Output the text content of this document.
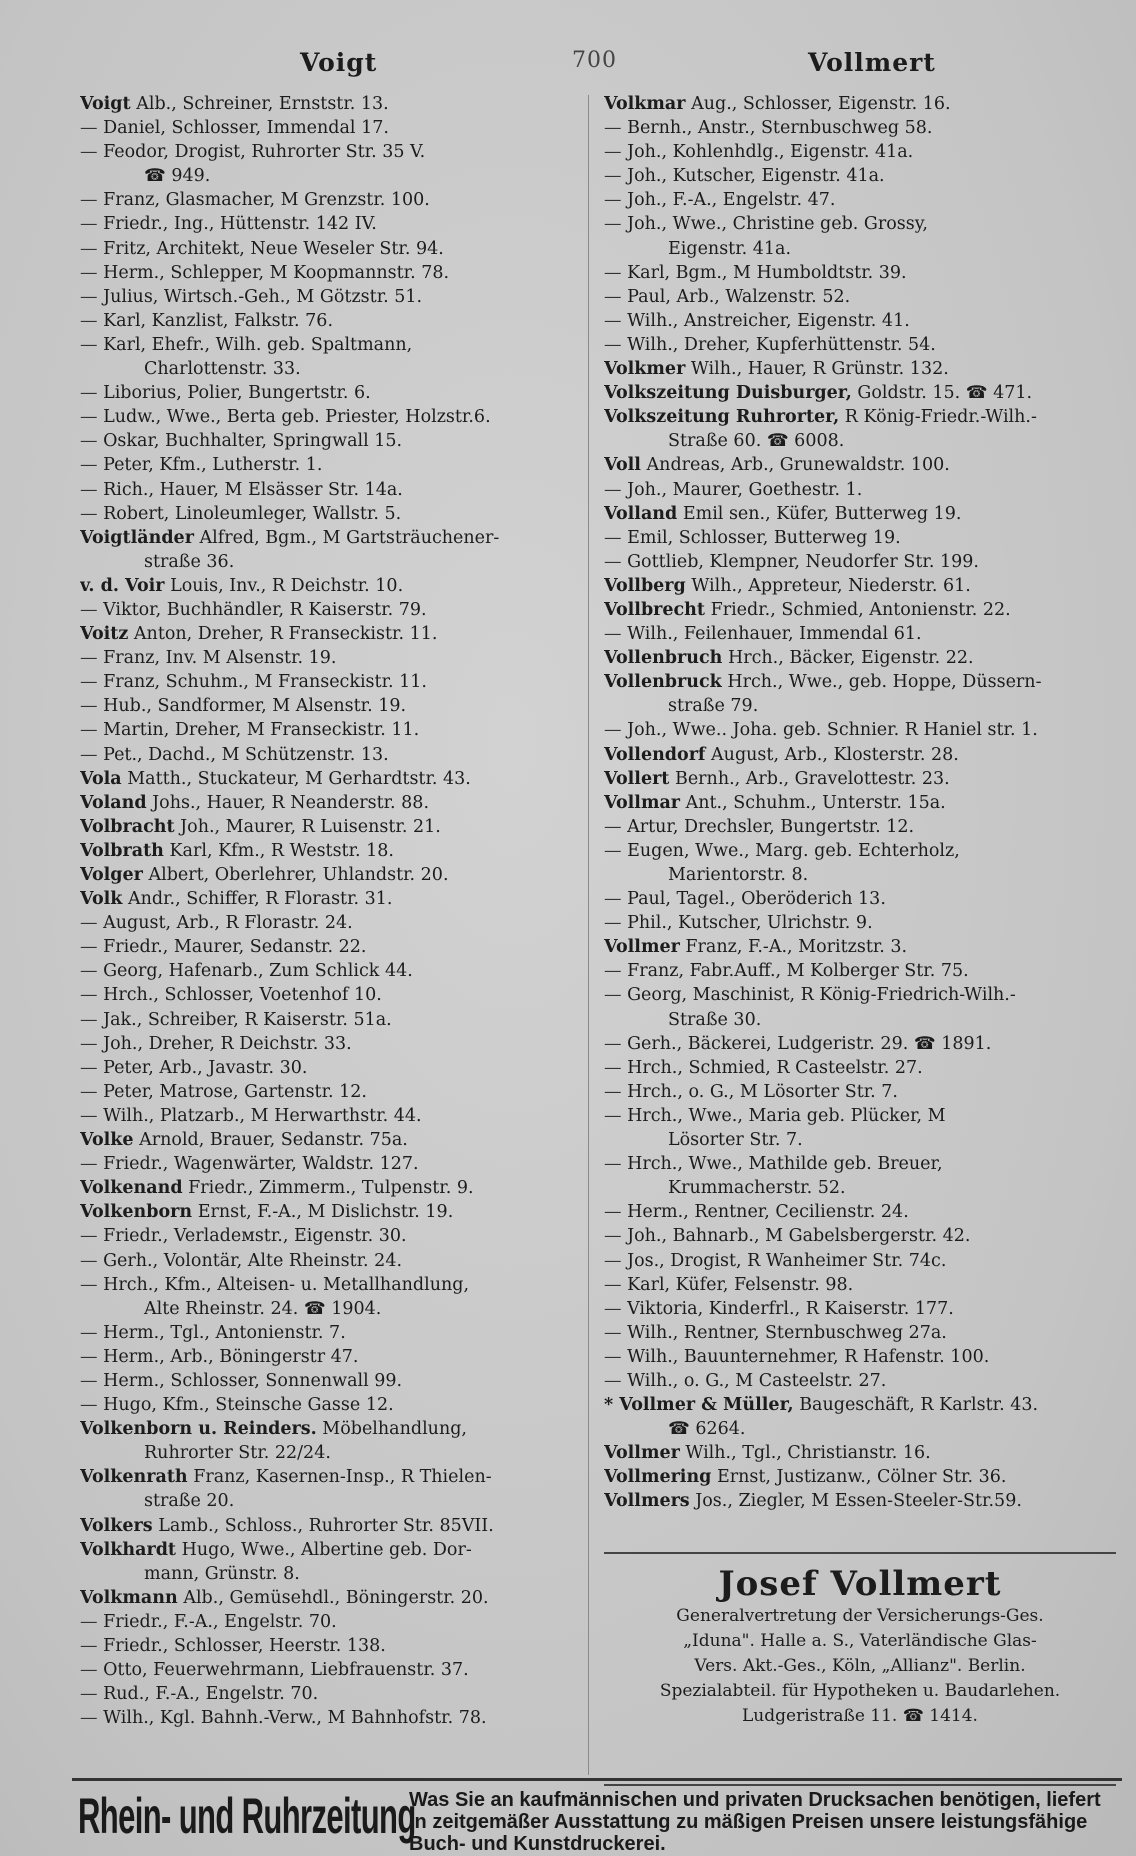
Voigt	700	Vollmert
Voigt Alb., Schreiner, Ernststr. 13.
— Daniel, Schlosser, Immendal 17.
— Feodor, Drogist, Ruhrorter Str. 35 V.
☎ 949.
— Franz, Glasmacher, M Grenzstr. 100.
— Friedr., Ing., Hüttenstr. 142 IV.
— Fritz, Architekt, Neue Weseler Str. 94.
— Herm., Schlepper, M Koopmannstr. 78.
— Julius, Wirtsch.-Geh., M Götzstr. 51.
— Karl, Kanzlist, Falkstr. 76.
— Karl, Ehefr., Wilh. geb. Spaltmann,
Charlottenstr. 33.
— Liborius, Polier, Bungertstr. 6.
— Ludw., Wwe., Berta geb. Priester, Holzstr.6.
— Oskar, Buchhalter, Springwall 15.
— Peter, Kfm., Lutherstr. 1.
— Rich., Hauer, M Elsässer Str. 14a.
— Robert, Linoleumleger, Wallstr. 5.
Voigtländer Alfred, Bgm., M Gartsträuchener-
straße 36.
v. d. Voir Louis, Inv., R Deichstr. 10.
— Viktor, Buchhändler, R Kaiserstr. 79.
Voitz Anton, Dreher, R Franseckistr. 11.
— Franz, Inv. M Alsenstr. 19.
— Franz, Schuhm., M Franseckistr. 11.
— Hub., Sandformer, M Alsenstr. 19.
— Martin, Dreher, M Franseckistr. 11.
— Pet., Dachd., M Schützenstr. 13.
Vola Matth., Stuckateur, M Gerhardtstr. 43.
Voland Johs., Hauer, R Neanderstr. 88.
Volbracht Joh., Maurer, R Luisenstr. 21.
Volbrath Karl, Kfm., R Weststr. 18.
Volger Albert, Oberlehrer, Uhlandstr. 20.
Volk Andr., Schiffer, R Florastr. 31.
— August, Arb., R Florastr. 24.
— Friedr., Maurer, Sedanstr. 22.
— Georg, Hafenarb., Zum Schlick 44.
— Hrch., Schlosser, Voetenhof 10.
— Jak., Schreiber, R Kaiserstr. 51a.
— Joh., Dreher, R Deichstr. 33.
— Peter, Arb., Javastr. 30.
— Peter, Matrose, Gartenstr. 12.
— Wilh., Platzarb., M Herwarthstr. 44.
Volke Arnold, Brauer, Sedanstr. 75a.
— Friedr., Wagenwärter, Waldstr. 127.
Volkenand Friedr., Zimmerm., Tulpenstr. 9.
Volkenborn Ernst, F.-A., M Dislichstr. 19.
— Friedr., Verladемstr., Eigenstr. 30.
— Gerh., Volontär, Alte Rheinstr. 24.
— Hrch., Kfm., Alteisen- u. Metallhandlung,
Alte Rheinstr. 24. ☎ 1904.
— Herm., Tgl., Antonienstr. 7.
— Herm., Arb., Böningerstr 47.
— Herm., Schlosser, Sonnenwall 99.
— Hugo, Kfm., Steinsche Gasse 12.
Volkenborn u. Reinders. Möbelhandlung,
Ruhrorter Str. 22/24.
Volkenrath Franz, Kasernen-Insp., R Thielen-
straße 20.
Volkers Lamb., Schloss., Ruhrorter Str. 85VII.
Volkhardt Hugo, Wwe., Albertine geb. Dor-
mann, Grünstr. 8.
Volkmann Alb., Gemüsehdl., Böningerstr. 20.
— Friedr., F.-A., Engelstr. 70.
— Friedr., Schlosser, Heerstr. 138.
— Otto, Feuerwehrmann, Liebfrauenstr. 37.
— Rud., F.-A., Engelstr. 70.
— Wilh., Kgl. Bahnh.-Verw., M Bahnhofstr. 78.
Volkmar Aug., Schlosser, Eigenstr. 16.
— Bernh., Anstr., Sternbuschweg 58.
— Joh., Kohlenhdlg., Eigenstr. 41a.
— Joh., Kutscher, Eigenstr. 41a.
— Joh., F.-A., Engelstr. 47.
— Joh., Wwe., Christine geb. Grossy,
Eigenstr. 41a.
— Karl, Bgm., M Humboldtstr. 39.
— Paul, Arb., Walzenstr. 52.
— Wilh., Anstreicher, Eigenstr. 41.
— Wilh., Dreher, Kupferhüttenstr. 54.
Volkmer Wilh., Hauer, R Grünstr. 132.
Volkszeitung Duisburger, Goldstr. 15. ☎ 471.
Volkszeitung Ruhrorter, R König-Friedr.-Wilh.-
Straße 60. ☎ 6008.
Voll Andreas, Arb., Grunewaldstr. 100.
— Joh., Maurer, Goethestr. 1.
Volland Emil sen., Küfer, Butterweg 19.
— Emil, Schlosser, Butterweg 19.
— Gottlieb, Klempner, Neudorfer Str. 199.
Vollberg Wilh., Appreteur, Niederstr. 61.
Vollbrecht Friedr., Schmied, Antonienstr. 22.
— Wilh., Feilenhauer, Immendal 61.
Vollenbruch Hrch., Bäcker, Eigenstr. 22.
Vollenbruck Hrch., Wwe., geb. Hoppe, Düssern-
straße 79.
— Joh., Wwe.. Joha. geb. Schnier. R Haniel str. 1.
Vollendorf August, Arb., Klosterstr. 28.
Vollert Bernh., Arb., Gravelottestr. 23.
Vollmar Ant., Schuhm., Unterstr. 15a.
— Artur, Drechsler, Bungertstr. 12.
— Eugen, Wwe., Marg. geb. Echterholz,
Marientorstr. 8.
— Paul, Tagel., Oberöderich 13.
— Phil., Kutscher, Ulrichstr. 9.
Vollmer Franz, F.-A., Moritzstr. 3.
— Franz, Fabr.Auff., M Kolberger Str. 75.
— Georg, Maschinist, R König-Friedrich-Wilh.-
Straße 30.
— Gerh., Bäckerei, Ludgeristr. 29. ☎ 1891.
— Hrch., Schmied, R Casteelstr. 27.
— Hrch., o. G., M Lösorter Str. 7.
— Hrch., Wwe., Maria geb. Plücker, M
Lösorter Str. 7.
— Hrch., Wwe., Mathilde geb. Breuer,
Krummacherstr. 52.
— Herm., Rentner, Cecilienstr. 24.
— Joh., Bahnarb., M Gabelsbergerstr. 42.
— Jos., Drogist, R Wanheimer Str. 74c.
— Karl, Küfer, Felsenstr. 98.
— Viktoria, Kinderfrl., R Kaiserstr. 177.
— Wilh., Rentner, Sternbuschweg 27a.
— Wilh., Bauunternehmer, R Hafenstr. 100.
— Wilh., o. G., M Casteelstr. 27.
* Vollmer & Müller, Baugeschäft, R Karlstr. 43.
☎ 6264.
Vollmer Wilh., Tgl., Christianstr. 16.
Vollmering Ernst, Justizanw., Cölner Str. 36.
Vollmers Jos., Ziegler, M Essen-Steeler-Str.59.
Josef Vollmert
Generalvertretung der Versicherungs-Ges.
„Iduna". Halle a. S., Vaterländische Glas-
Vers. Akt.-Ges., Köln, „Allianz". Berlin.
Spezialabteil. für Hypotheken u. Baudarlehen.
Ludgeristraße 11. ☎ 1414.
Rhein- und Ruhrzeitung
Was Sie an kaufmännischen und privaten Drucksachen benötigen, liefert in zeitgemäßer Ausstattung zu mäßigen Preisen unsere leistungsfähige Buch- und Kunstdruckerei.
